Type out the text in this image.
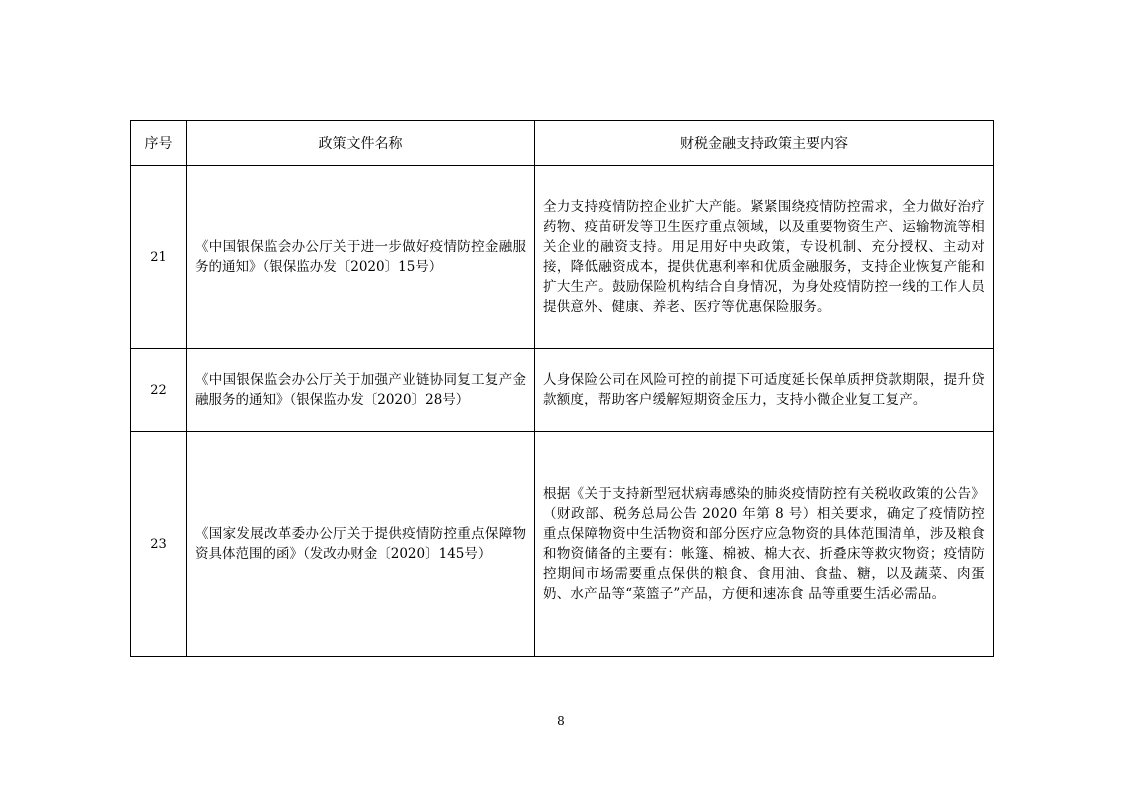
序号	政策文件名称	财税金融支持政策主要内容
21	《中国银保监会办公厅关于进一步做好疫情防控金融服务的通知》（银保监办发〔2020〕15号）	全力支持疫情防控企业扩大产能。紧紧围绕疫情防控需求，全力做好治疗药物、疫苗研发等卫生医疗重点领域，以及重要物资生产、运输物流等相关企业的融资支持。用足用好中央政策，专设机制、充分授权、主动对接，降低融资成本，提供优惠利率和优质金融服务，支持企业恢复产能和扩大生产。鼓励保险机构结合自身情况，为身处疫情防控一线的工作人员提供意外、健康、养老、医疗等优惠保险服务。
22	《中国银保监会办公厅关于加强产业链协同复工复产金融服务的通知》（银保监办发〔2020〕28号）	人身保险公司在风险可控的前提下可适度延长保单质押贷款期限，提升贷款额度，帮助客户缓解短期资金压力，支持小微企业复工复产。
23	《国家发展改革委办公厅关于提供疫情防控重点保障物资具体范围的函》（发改办财金〔2020〕145号）	根据《关于支持新型冠状病毒感染的肺炎疫情防控有关税收政策的公告》（财政部、税务总局公告 2020 年第 8 号）相关要求，确定了疫情防控重点保障物资中生活物资和部分医疗应急物资的具体范围清单，涉及粮食和物资储备的主要有：帐篷、棉被、棉大衣、折叠床等救灾物资；疫情防控期间市场需要重点保供的粮食、食用油、食盐、糖，以及蔬菜、肉蛋奶、水产品等“菜篮子”产品，方便和速冻食 品等重要生活必需品。
8
